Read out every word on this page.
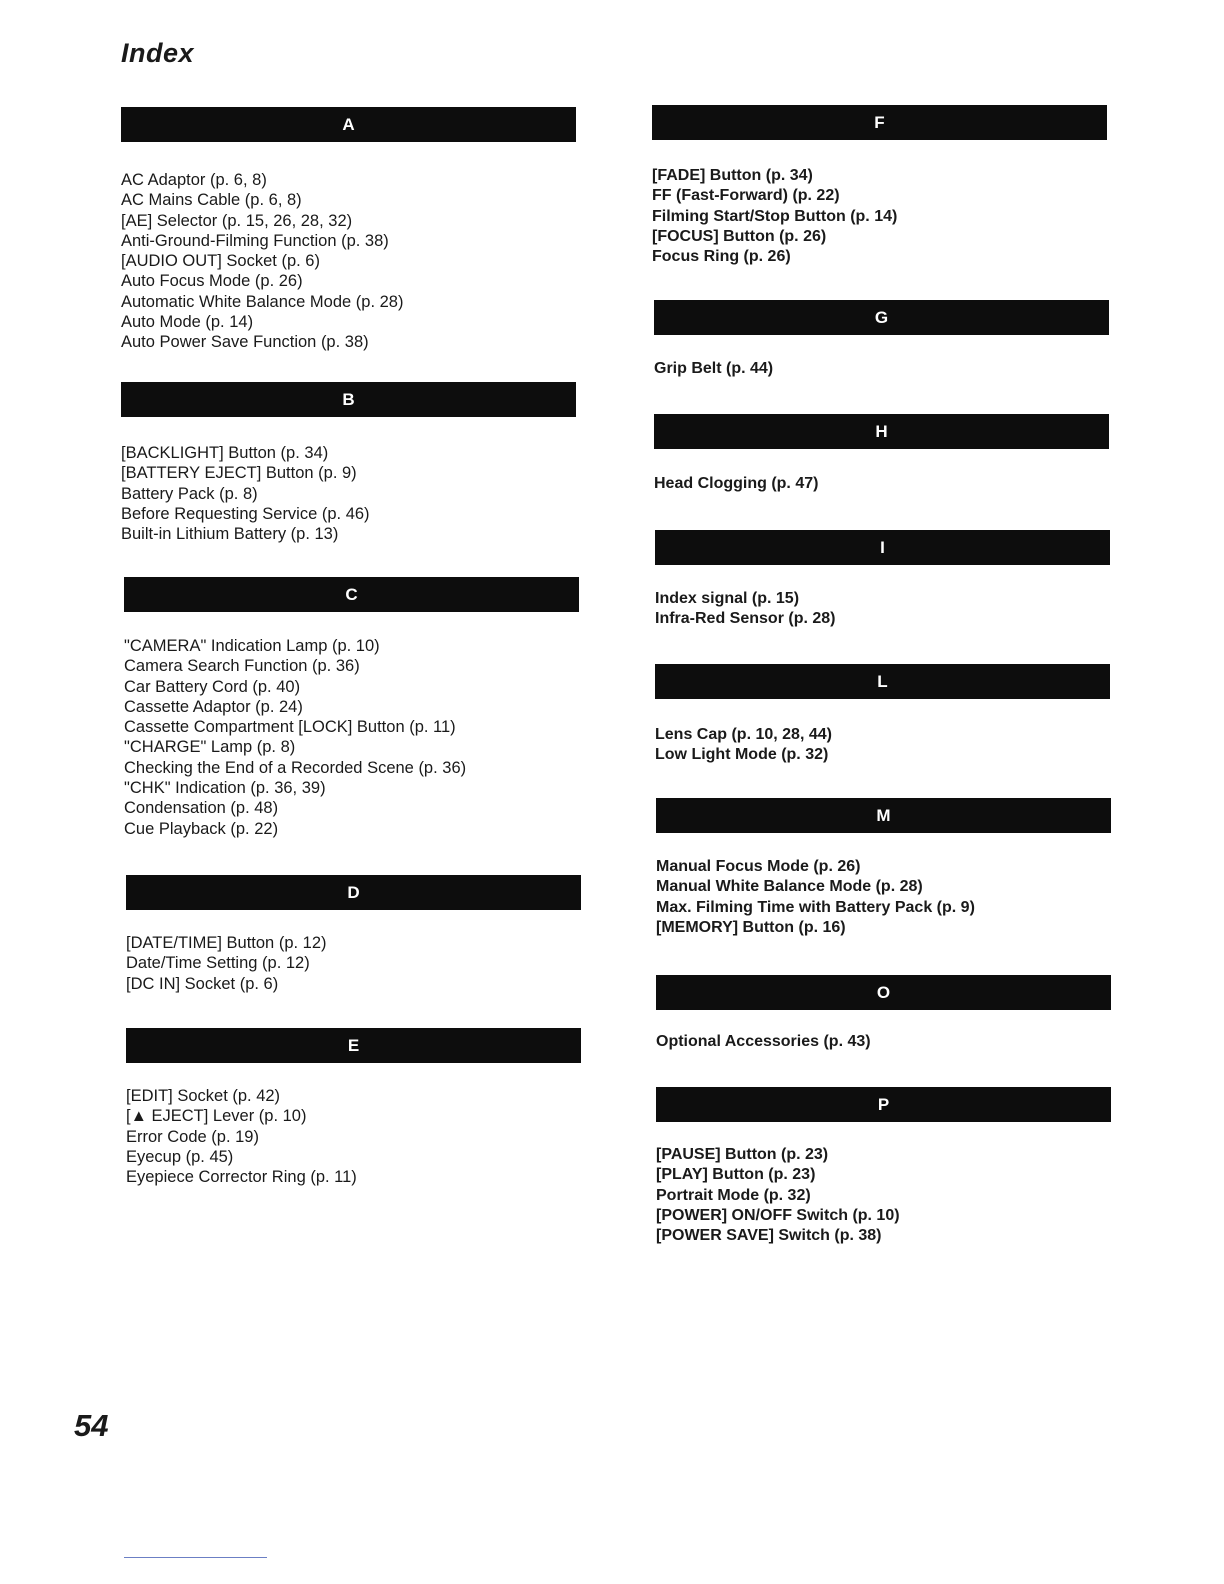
Index
A
AC Adaptor (p. 6, 8)
AC Mains Cable (p. 6, 8)
[AE] Selector (p. 15, 26, 28, 32)
Anti-Ground-Filming Function (p. 38)
[AUDIO OUT] Socket (p. 6)
Auto Focus Mode (p. 26)
Automatic White Balance Mode (p. 28)
Auto Mode (p. 14)
Auto Power Save Function (p. 38)
B
[BACKLIGHT] Button (p. 34)
[BATTERY EJECT] Button (p. 9)
Battery Pack (p. 8)
Before Requesting Service (p. 46)
Built-in Lithium Battery (p. 13)
C
"CAMERA" Indication Lamp (p. 10)
Camera Search Function (p. 36)
Car Battery Cord (p. 40)
Cassette Adaptor (p. 24)
Cassette Compartment [LOCK] Button (p. 11)
"CHARGE" Lamp (p. 8)
Checking the End of a Recorded Scene (p. 36)
"CHK" Indication (p. 36, 39)
Condensation (p. 48)
Cue Playback (p. 22)
D
[DATE/TIME] Button (p. 12)
Date/Time Setting (p. 12)
[DC IN] Socket (p. 6)
E
[EDIT] Socket (p. 42)
[▲ EJECT] Lever (p. 10)
Error Code (p. 19)
Eyecup (p. 45)
Eyepiece Corrector Ring (p. 11)
F
[FADE] Button (p. 34)
FF (Fast-Forward) (p. 22)
Filming Start/Stop Button (p. 14)
[FOCUS] Button (p. 26)
Focus Ring (p. 26)
G
Grip Belt (p. 44)
H
Head Clogging (p. 47)
I
Index signal (p. 15)
Infra-Red Sensor (p. 28)
L
Lens Cap (p. 10, 28, 44)
Low Light Mode (p. 32)
M
Manual Focus Mode (p. 26)
Manual White Balance Mode (p. 28)
Max. Filming Time with Battery Pack (p. 9)
[MEMORY] Button (p. 16)
O
Optional Accessories (p. 43)
P
[PAUSE] Button (p. 23)
[PLAY] Button (p. 23)
Portrait Mode (p. 32)
[POWER] ON/OFF Switch (p. 10)
[POWER SAVE] Switch (p. 38)
54
